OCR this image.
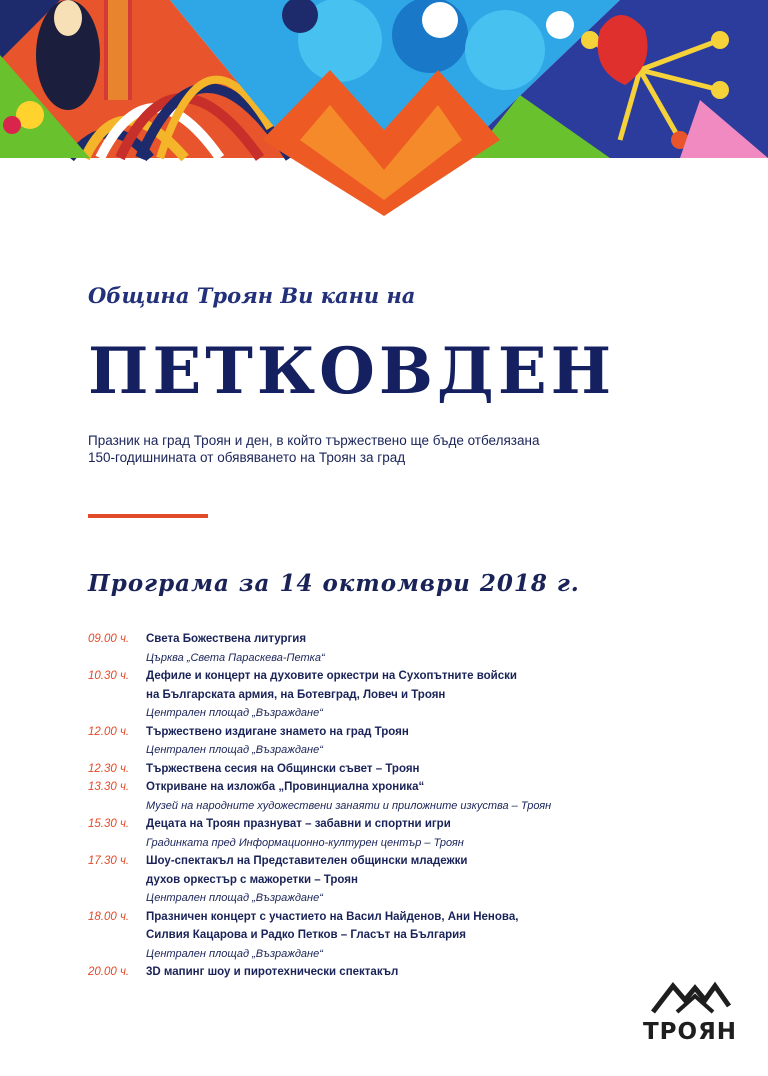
Община Троян Ви кани на
ПЕТКОВДЕН
Празник на град Троян и ден, в който тържествено ще бъде отбелязана
150-годишнината от обявяването на Троян за град
Програма за 14 октомври 2018 г.
09.00 ч.	Света Божествена литургия
Църква „Света Параскева-Петка“
10.30 ч.	Дефиле и концерт на духовите оркестри на Сухопътните войски
на Българската армия, на Ботевград, Ловеч и Троян
Централен площад „Възраждане“
12.00 ч.	Тържествено издигане знамето на град Троян
Централен площад „Възраждане“
12.30 ч.	Тържествена сесия на Общински съвет – Троян
13.30 ч.	Откриване на изложба „Провинциална хроника“
Музей на народните художествени занаяти и приложните изкуства – Троян
15.30 ч.	Децата на Троян празнуват – забавни и спортни игри
Градинката пред Информационно-културен център – Троян
17.30 ч.	Шоу-спектакъл на Представителен общински младежки
духов оркестър с мажоретки – Троян
Централен площад „Възраждане“
18.00 ч.	Празничен концерт с участието на Васил Найденов, Ани Ненова,
Силвия Кацарова и Радко Петков – Гласът на България
Централен площад „Възраждане“
20.00 ч.	3D мапинг шоу и пиротехнически спектакъл
ТРОЯН
